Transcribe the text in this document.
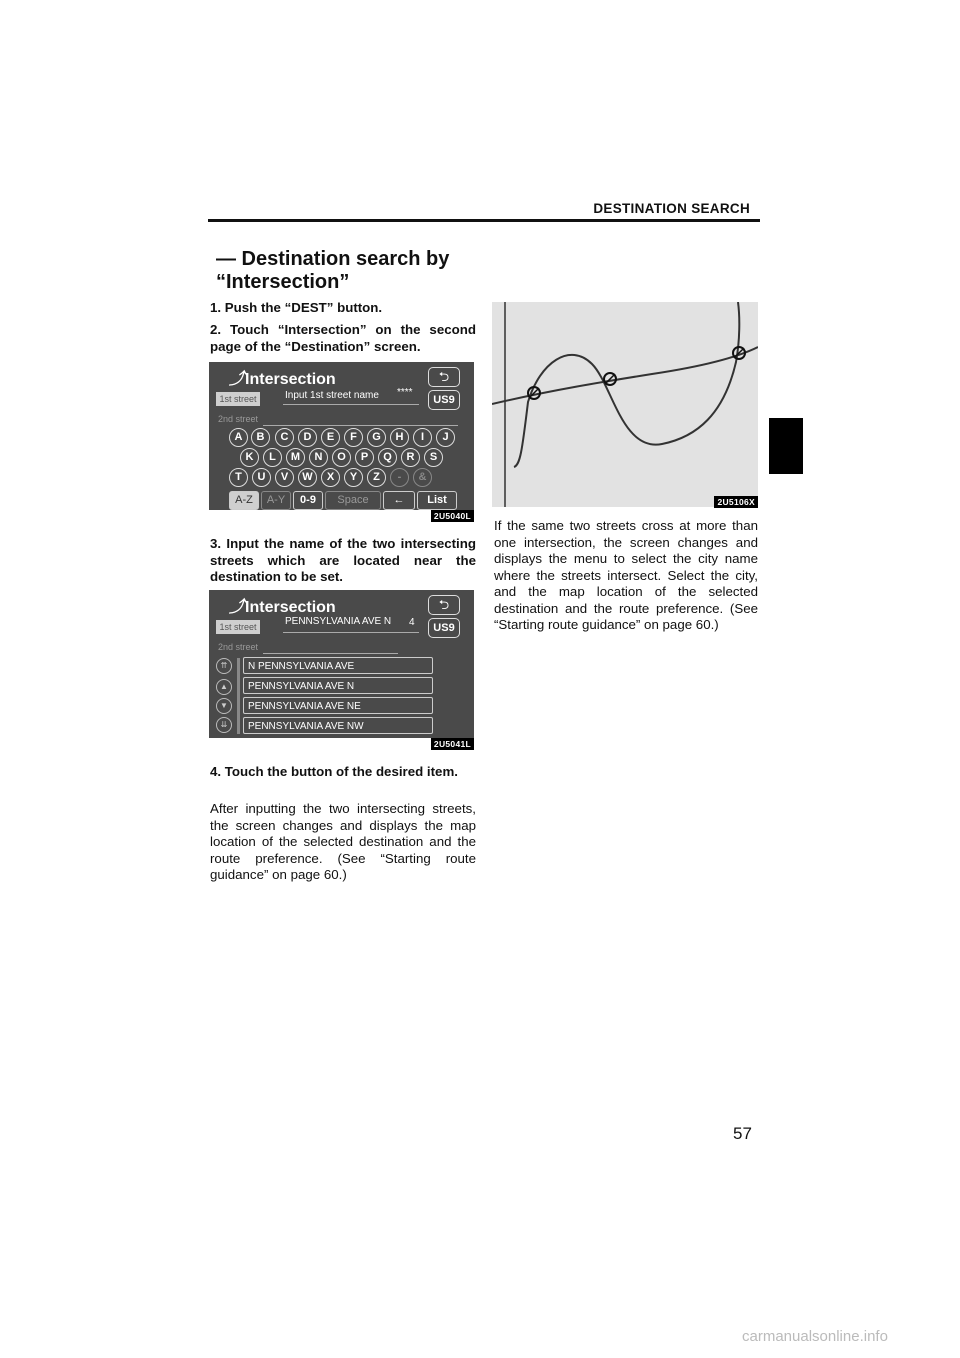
DESTINATION SEARCH
— Destination search by
“Intersection”
1. Push the “DEST” button.
2. Touch “Intersection” on the second page of the “Destination” screen.
⤴Intersection	⮌
1st street	Input 1st street name ****
US9
2nd street
A	B	C	D	E	F	G	H	I	J
K	L	M	N	O	P	Q	R	S
T	U	V	W	X	Y	Z	-	&
A-Z	A-Y	0-9	Space	←	List
2U5040L
3. Input the name of the two intersecting streets which are located near the destination to be set.
⤴Intersection	⮌
1st street	PENNSYLVANIA AVE N 4	US9
2nd street
⇈
▲
▼
⇊
N PENNSYLVANIA AVE
PENNSYLVANIA AVE N
PENNSYLVANIA AVE NE
PENNSYLVANIA AVE NW
2U5041L
4. Touch the button of the desired item.
After inputting the two intersecting streets, the screen changes and displays the map location of the selected destination and the route preference. (See “Starting route guidance” on page 60.)
2U5106X
If the same two streets cross at more than one intersection, the screen changes and displays the menu to select the city name where the streets intersect. Select the city, and the map location of the selected destination and the route preference. (See “Starting route guidance” on page 60.)
57
carmanualsonline.info
